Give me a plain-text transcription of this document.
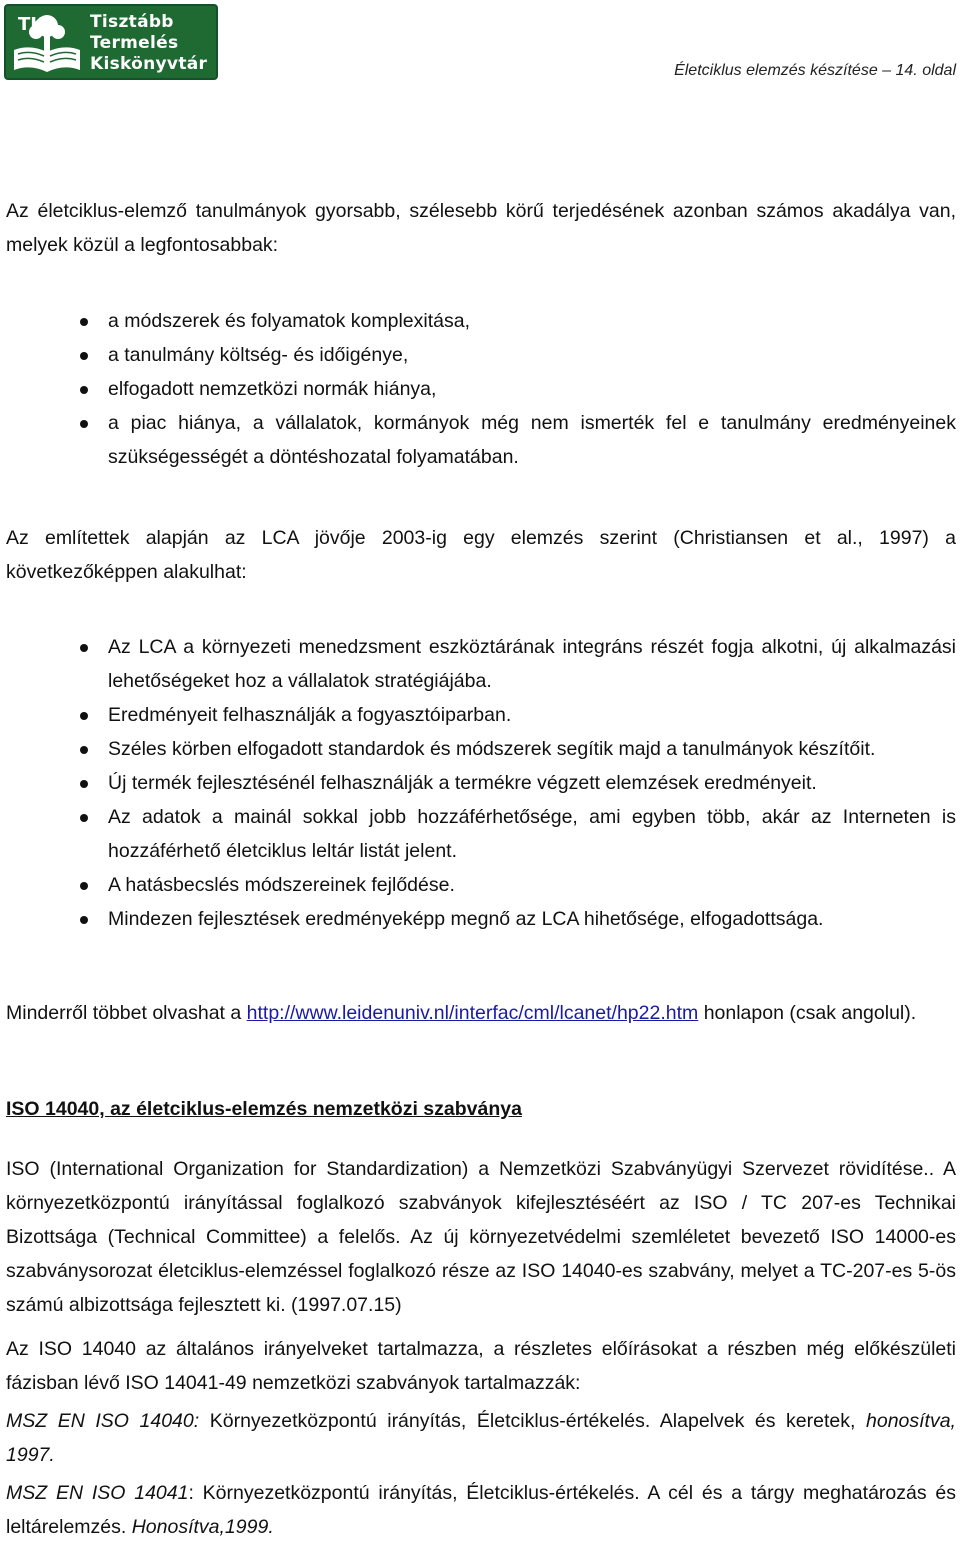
TK	Tisztább
Termelés
Kiskönyvtár	Életciklus elemzés készítése – 14. oldal

Az életciklus-elemző tanulmányok gyorsabb, szélesebb körű terjedésének azonban számos akadálya van, melyek közül a legfontosabbak:

a módszerek és folyamatok komplexitása,
a tanulmány költség- és időigénye,
elfogadott nemzetközi normák hiánya,
a piac hiánya, a vállalatok, kormányok még nem ismerték fel e tanulmány eredményeinek szükségességét a döntéshozatal folyamatában.

Az említettek alapján az LCA jövője 2003-ig egy elemzés szerint (Christiansen et al., 1997) a következőképpen alakulhat:

Az LCA a környezeti menedzsment eszköztárának integráns részét fogja alkotni, új alkalmazási lehetőségeket hoz a vállalatok stratégiájába.
Eredményeit felhasználják a fogyasztóiparban.
Széles körben elfogadott standardok és módszerek segítik majd a tanulmányok készítőit.
Új termék fejlesztésénél felhasználják a termékre végzett elemzések eredményeit.
Az adatok a mainál sokkal jobb hozzáférhetősége, ami egyben több, akár az Interneten is hozzáférhető életciklus leltár listát jelent.
A hatásbecslés módszereinek fejlődése.
Mindezen fejlesztések eredményeképp megnő az LCA hihetősége, elfogadottsága.

Minderről többet olvashat a http://www.leidenuniv.nl/interfac/cml/lcanet/hp22.htm honlapon (csak angolul).

ISO 14040, az életciklus-elemzés nemzetközi szabványa

ISO (International Organization for Standardization) a Nemzetközi Szabványügyi Szervezet rövidítése.. A környezetközpontú irányítással foglalkozó szabványok kifejlesztéséért az ISO / TC 207-es Technikai Bizottsága (Technical Committee) a felelős. Az új környezetvédelmi szemléletet bevezető ISO 14000-es szabványsorozat életciklus-elemzéssel foglalkozó része az ISO 14040-es szabvány, melyet a TC-207-es 5-ös számú albizottsága fejlesztett ki. (1997.07.15)

Az ISO 14040 az általános irányelveket tartalmazza, a részletes előírásokat a részben még előkészületi fázisban lévő ISO 14041-49 nemzetközi szabványok tartalmazzák:

MSZ EN ISO 14040: Környezetközpontú irányítás, Életciklus-értékelés. Alapelvek és keretek, honosítva, 1997.

MSZ EN ISO 14041: Környezetközpontú irányítás, Életciklus-értékelés. A cél és a tárgy meghatározás és leltárelemzés. Honosítva,1999.
